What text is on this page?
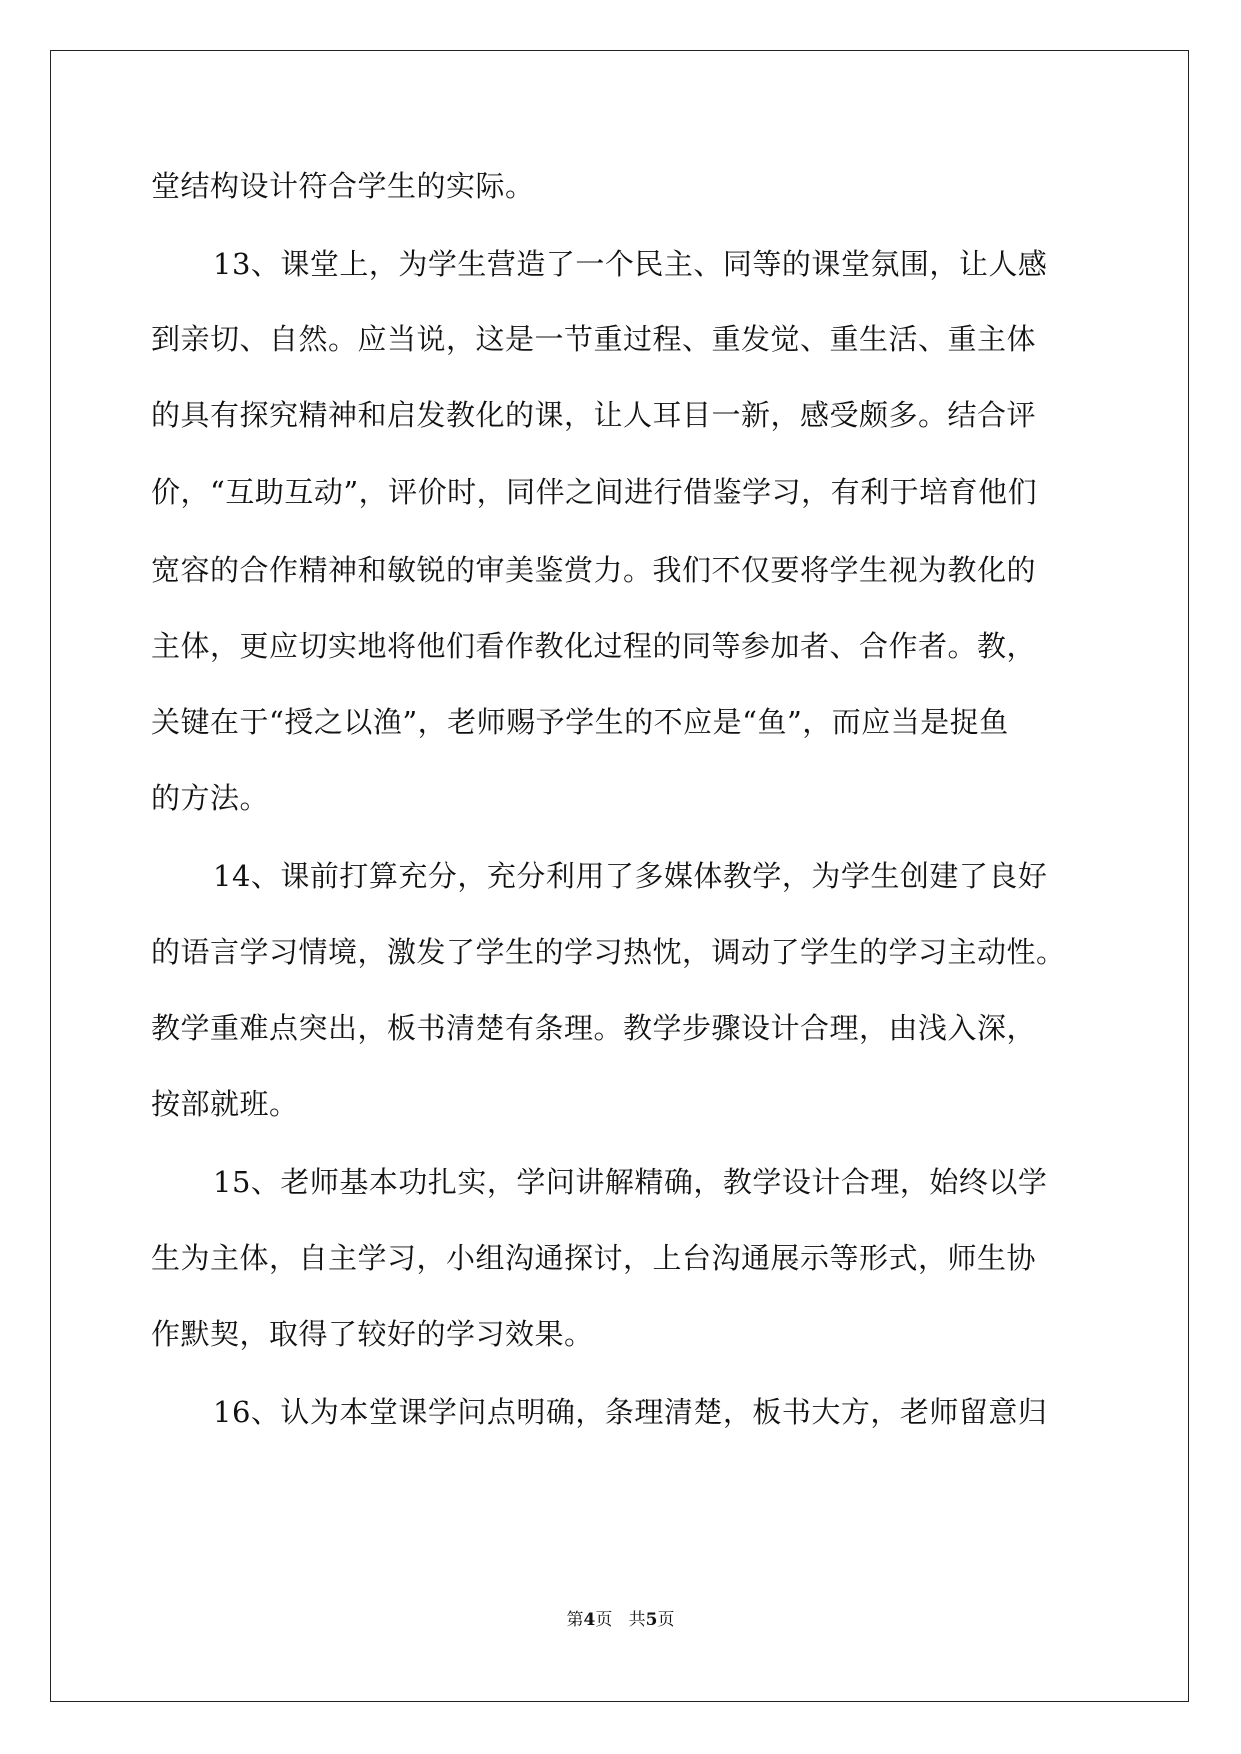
堂结构设计符合学生的实际。
13、课堂上，为学生营造了一个民主、同等的课堂氛围，让人感
到亲切、自然。应当说，这是一节重过程、重发觉、重生活、重主体
的具有探究精神和启发教化的课，让人耳目一新，感受颇多。结合评
价，“互助互动”，评价时，同伴之间进行借鉴学习，有利于培育他们
宽容的合作精神和敏锐的审美鉴赏力。我们不仅要将学生视为教化的
主体，更应切实地将他们看作教化过程的同等参加者、合作者。教，
关键在于“授之以渔”，老师赐予学生的不应是“鱼”，而应当是捉鱼
的方法。
14、课前打算充分，充分利用了多媒体教学，为学生创建了良好
的语言学习情境，激发了学生的学习热忱，调动了学生的学习主动性。
教学重难点突出，板书清楚有条理。教学步骤设计合理，由浅入深，
按部就班。
15、老师基本功扎实，学问讲解精确，教学设计合理，始终以学
生为主体，自主学习，小组沟通探讨，上台沟通展示等形式，师生协
作默契，取得了较好的学习效果。
16、认为本堂课学问点明确，条理清楚，板书大方，老师留意归
第4页 共5页
